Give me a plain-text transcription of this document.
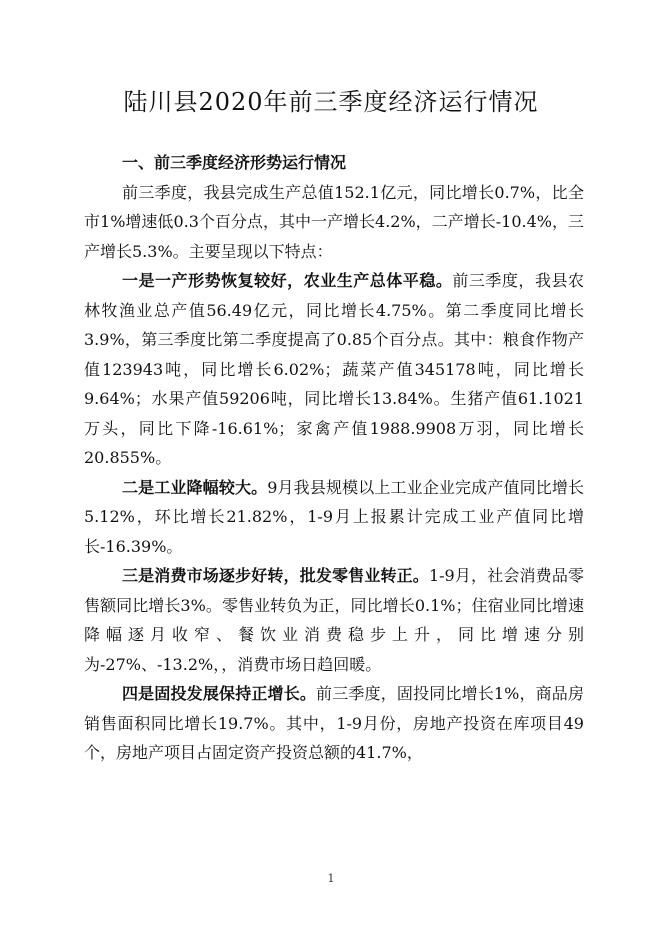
陆川县2020年前三季度经济运行情况

一、前三季度经济形势运行情况

前三季度，我县完成生产总值152.1亿元，同比增长0.7%，比全市1%增速低0.3个百分点，其中一产增长4.2%，二产增长-10.4%，三产增长5.3%。主要呈现以下特点：

一是一产形势恢复较好，农业生产总体平稳。前三季度，我县农林牧渔业总产值56.49亿元，同比增长4.75%。第二季度同比增长3.9%，第三季度比第二季度提高了0.85个百分点。其中：粮食作物产值123943吨，同比增长6.02%；蔬菜产值345178吨，同比增长9.64%；水果产值59206吨，同比增长13.84%。生猪产值61.1021万头，同比下降-16.61%；家禽产值1988.9908万羽，同比增长20.855%。

二是工业降幅较大。9月我县规模以上工业企业完成产值同比增长5.12%，环比增长21.82%，1-9月上报累计完成工业产值同比增长-16.39%。

三是消费市场逐步好转，批发零售业转正。1-9月，社会消费品零售额同比增长3%。零售业转负为正，同比增长0.1%；住宿业同比增速降幅逐月收窄、餐饮业消费稳步上升，同比增速分别为-27%、-13.2%，，消费市场日趋回暖。

四是固投发展保持正增长。前三季度，固投同比增长1%，商品房销售面积同比增长19.7%。其中，1-9月份，房地产投资在库项目49个，房地产项目占固定资产投资总额的41.7%，

1
